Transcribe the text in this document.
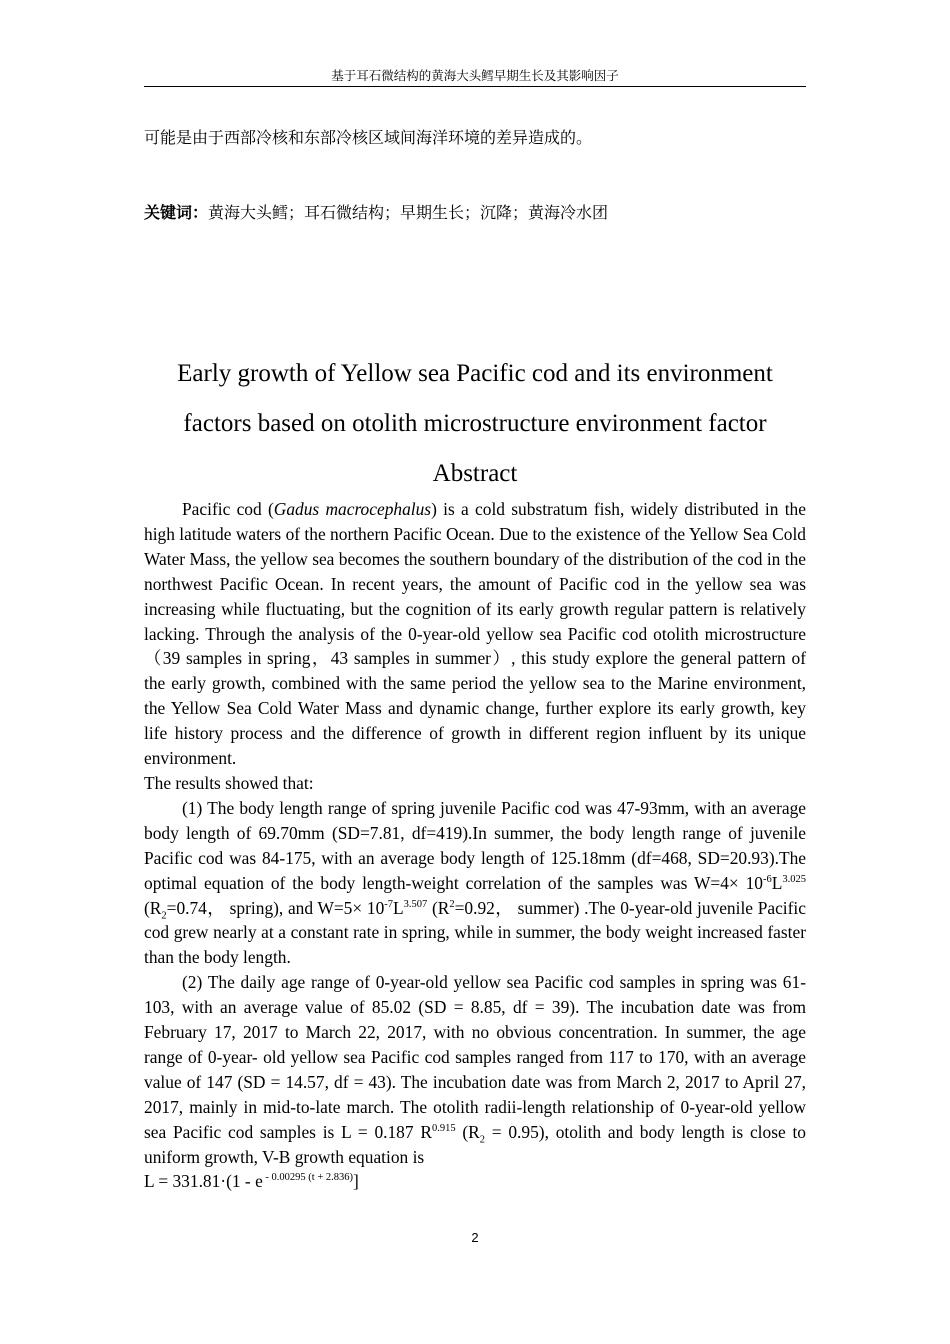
基于耳石微结构的黄海大头鳕早期生长及其影响因子
可能是由于西部冷核和东部冷核区域间海洋环境的差异造成的。
关键词：黄海大头鳕；耳石微结构；早期生长；沉降；黄海冷水团
Early growth of Yellow sea Pacific cod and its environment
factors based on otolith microstructure environment factor
Abstract

Pacific cod (Gadus macrocephalus) is a cold substratum fish, widely distributed in the high latitude waters of the northern Pacific Ocean. Due to the existence of the Yellow Sea Cold Water Mass, the yellow sea becomes the southern boundary of the distribution of the cod in the northwest Pacific Ocean. In recent years, the amount of Pacific cod in the yellow sea was increasing while fluctuating, but the cognition of its early growth regular pattern is relatively lacking. Through the analysis of the 0-year-old yellow sea Pacific cod otolith microstructure（39 samples in spring，43 samples in summer）, this study explore the general pattern of the early growth, combined with the same period the yellow sea to the Marine environment, the Yellow Sea Cold Water Mass and dynamic change, further explore its early growth, key life history process and the difference of growth in different region influent by its unique environment.

The results showed that:

(1) The body length range of spring juvenile Pacific cod was 47-93mm, with an average body length of 69.70mm (SD=7.81, df=419).In summer, the body length range of juvenile Pacific cod was 84-175, with an average body length of 125.18mm (df=468, SD=20.93).The optimal equation of the body length-weight correlation of the samples was $W=4\times 10^{-6}L^{3.025}$ ($R_2=0.74$， spring), and $W=5\times 10^{-7}L^{3.507}$ ($R^2=0.92$， summer) .The 0-year-old juvenile Pacific cod grew nearly at a constant rate in spring, while in summer, the body weight increased faster than the body length.

(2) The daily age range of 0-year-old yellow sea Pacific cod samples in spring was 61-103, with an average value of 85.02 (SD = 8.85, df = 39). The incubation date was from February 17, 2017 to March 22, 2017, with no obvious concentration. In summer, the age range of 0-year- old yellow sea Pacific cod samples ranged from 117 to 170, with an average value of 147 (SD = 14.57, df = 43). The incubation date was from March 2, 2017 to April 27, 2017, mainly in mid-to-late march. The otolith radii-length relationship of 0-year-old yellow sea Pacific cod samples is L = 0.187 $R^{0.915}$ $(R_2 = 0.95)$, otolith and body length is close to uniform growth, V-B growth equation is

L = 331.81·(1 - e $^{- 0.00295 (t + 2.836)}$]

2
